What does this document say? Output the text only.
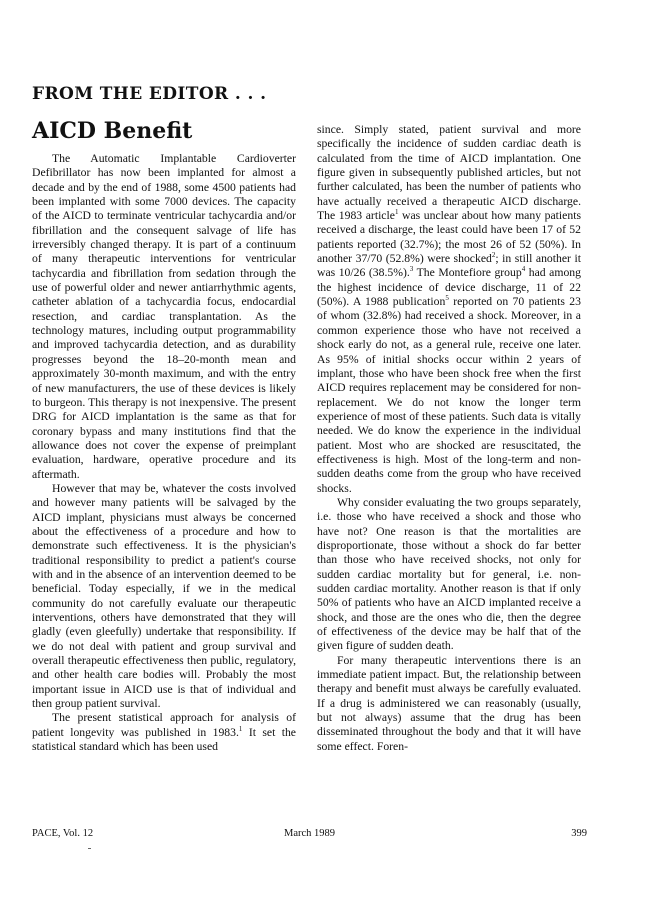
FROM THE EDITOR . . .
AICD Benefit

The Automatic Implantable Cardioverter Defibrillator has now been implanted for almost a decade and by the end of 1988, some 4500 patients had been implanted with some 7000 devices. The capacity of the AICD to terminate ventricular tachycardia and/or fibrillation and the consequent salvage of life has irreversibly changed therapy. It is part of a continuum of many therapeutic interventions for ventricular tachycardia and fibrillation from sedation through the use of powerful older and newer antiarrhythmic agents, catheter ablation of a tachycardia focus, endocardial resection, and cardiac transplantation. As the technology matures, including output programmability and improved tachycardia detection, and as durability progresses beyond the 18–20-month mean and approximately 30-month maximum, and with the entry of new manufacturers, the use of these devices is likely to burgeon. This therapy is not inexpensive. The present DRG for AICD implantation is the same as that for coronary bypass and many institutions find that the allowance does not cover the expense of preimplant evaluation, hardware, operative procedure and its aftermath.

However that may be, whatever the costs involved and however many patients will be salvaged by the AICD implant, physicians must always be concerned about the effectiveness of a procedure and how to demonstrate such effectiveness. It is the physician's traditional responsibility to predict a patient's course with and in the absence of an intervention deemed to be beneficial. Today especially, if we in the medical community do not carefully evaluate our therapeutic interventions, others have demonstrated that they will gladly (even gleefully) undertake that responsibility. If we do not deal with patient and group survival and overall therapeutic effectiveness then public, regulatory, and other health care bodies will. Probably the most important issue in AICD use is that of individual and then group patient survival.

The present statistical approach for analysis of patient longevity was published in 1983.$^1$ It set the statistical standard which has been used

since. Simply stated, patient survival and more specifically the incidence of sudden cardiac death is calculated from the time of AICD implantation. One figure given in subsequently published articles, but not further calculated, has been the number of patients who have actually received a therapeutic AICD discharge. The 1983 article$^1$ was unclear about how many patients received a discharge, the least could have been 17 of 52 patients reported (32.7%); the most 26 of 52 (50%). In another 37/70 (52.8%) were shocked$^2$; in still another it was 10/26 (38.5%).$^3$ The Montefiore group$^4$ had among the highest incidence of device discharge, 11 of 22 (50%). A 1988 publication$^5$ reported on 70 patients 23 of whom (32.8%) had received a shock. Moreover, in a common experience those who have not received a shock early do not, as a general rule, receive one later. As 95% of initial shocks occur within 2 years of implant, those who have been shock free when the first AICD requires replacement may be considered for non-replacement. We do not know the longer term experience of most of these patients. Such data is vitally needed. We do know the experience in the individual patient. Most who are shocked are resuscitated, the effectiveness is high. Most of the long-term and non-sudden deaths come from the group who have received shocks.

Why consider evaluating the two groups separately, i.e. those who have received a shock and those who have not? One reason is that the mortalities are disproportionate, those without a shock do far better than those who have received shocks, not only for sudden cardiac mortality but for general, i.e. non-sudden cardiac mortality. Another reason is that if only 50% of patients who have an AICD implanted receive a shock, and those are the ones who die, then the degree of effectiveness of the device may be half that of the given figure of sudden death.

For many therapeutic interventions there is an immediate patient impact. But, the relationship between therapy and benefit must always be carefully evaluated. If a drug is administered we can reasonably (usually, but not always) assume that the drug has been disseminated throughout the body and that it will have some effect. Foren-

PACE, Vol. 12	March 1989	399
